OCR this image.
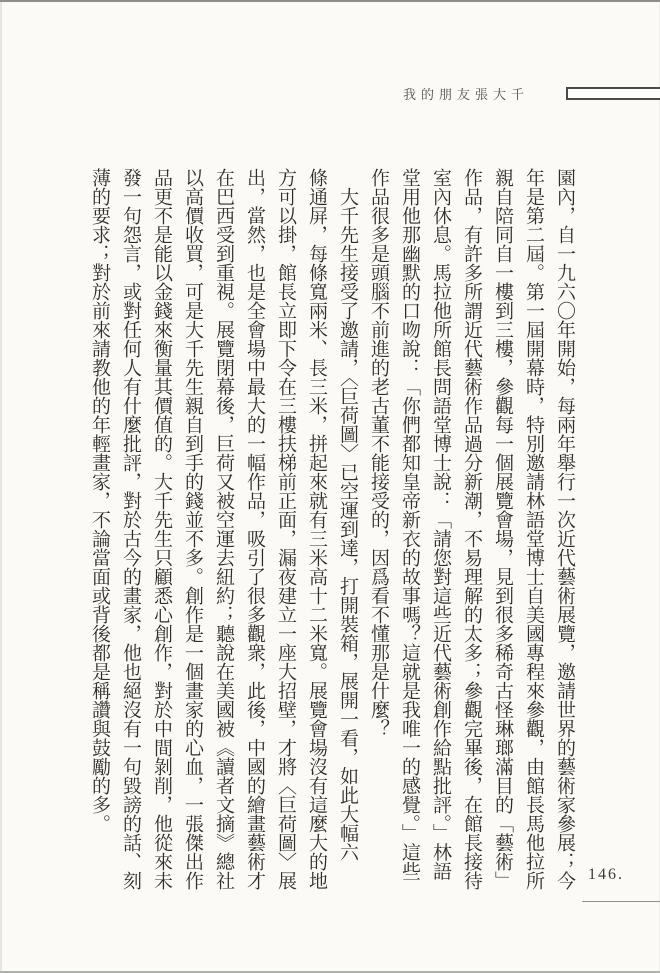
我的朋友張大千
園內，自一九六〇年開始，每兩年舉行一次近代藝術展覽，邀請世界的藝術家參展；今
年是第二屆。第一屆開幕時，特別邀請林語堂博士自美國專程來參觀，由館長馬他拉所
親自陪同自一樓到三樓，參觀每一個展覽會場，見到很多稀奇古怪琳瑯滿目的「藝術」
作品，有許多所謂近代藝術作品過分新潮，不易理解的太多；參觀完畢後，在館長接待
室內休息。馬拉他所館長問語堂博士說：「請您對這些近代藝術創作給點批評。」林語
堂用他那幽默的口吻說：「你們都知皇帝新衣的故事嗎？這就是我唯一的感覺。」這些
作品很多是頭腦不前進的老古董不能接受的，因爲看不懂那是什麼？
大千先生接受了邀請，〈巨荷圖〉已空運到達，打開裝箱，展開一看，如此大幅六
條通屏，每條寬兩米、長三米，拼起來就有三米高十二米寬。展覽會場沒有這麼大的地
方可以掛，館長立即下令在三樓扶梯前正面，漏夜建立一座大招壁，才將〈巨荷圖〉展
出，當然，也是全會場中最大的一幅作品，吸引了很多觀衆，此後，中國的繪畫藝術才
在巴西受到重視。展覽閉幕後，巨荷又被空運去紐約；聽說在美國被《讀者文摘》總社
以高價收買，可是大千先生親自到手的錢並不多。創作是一個畫家的心血，一張傑出作
品更不是能以金錢來衡量其價值的。大千先生只顧悉心創作，對於中間剝削，他從來未
發一句怨言，或對任何人有什麼批評，對於古今的畫家，他也絕沒有一句毀謗的話、刻
薄的要求；對於前來請教他的年輕畫家，不論當面或背後都是稱讚與鼓勵的多。
146.
